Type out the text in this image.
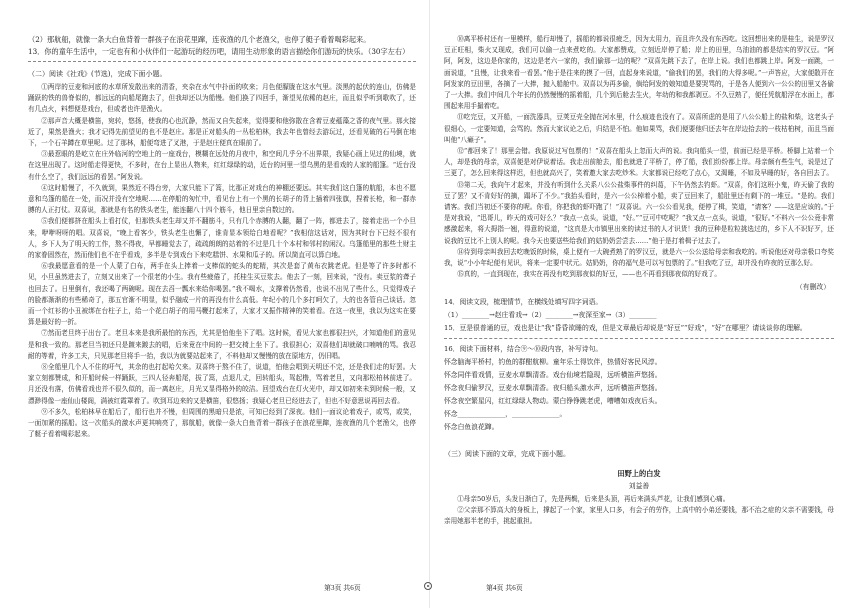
（2）那航船，就像一条大白鱼背着一群孩子在浪花里蹿，连夜渔的几个老渔父，也停了艇子看着喝彩起来。

13．你的童年生活中，一定也有和小伙伴们一起游玩的经历吧，请用生动形象的语言描绘你们游玩的快乐。（30字左右）

（二）阅读《社戏》(节选)，完成下面小题。

①两岸的豆麦和河底的水草所发散出来的清香，夹杂在水气中扑面的吹来；月色便朦胧在这水气里。淡黑的起伏的连山，仿佛是踊跃的铁的兽脊似的，都远远的向船尾跑去了，但我却还以为船慢。他们换了四回手，渐望见依稀的赵庄，而且似乎听到歌吹了，还有几点火，料想便是戏台，但或者也许是渔火。

②那声音大概是横笛，宛转，悠扬，使我的心也沉静，然而又自失起来，觉得要和他弥散在含着豆麦蕴藻之香的夜气里。那火接近了，果然是渔火；我才记得先前望见的也不是赵庄。那是正对船头的一丛松柏林，我去年也曾经去游玩过，还看见破的石马倒在地下，一个石羊蹲在草里呢。过了那林，船便弯进了叉港，于是赵庄便真在眼前了。

③最惹眼的是屹立在庄外临河的空地上的一座戏台，模糊在远处的月夜中，和空间几乎分不出界限，我疑心画上见过的仙境，就在这里出现了。这时船走得更快，不多时，在台上显出人物来，红红绿绿的动，近台的河里一望乌黑的是看戏的人家的船篷。“近台没有什么空了，我们远远的看罢。”阿发说。

④这时船慢了，不久就到，果然近不得台旁，大家只能下了篙，比那正对戏台的神棚还要远。其实我们这白篷的航船，本也不愿意和乌篷的船在一处，而况并没有空地呢……在停船的匆忙中，看见台上有一个黑的长胡子的背上插着四张旗，捏着长枪，和一群赤膊的人正打仗。双喜说，那就是有名的铁头老生，能连翻八十四个筋斗，他日里亲自数过的。

⑤我们便都挤在船头上看打仗，但那铁头老生却又并不翻筋斗，只有几个赤膊的人翻，翻了一阵，都进去了，接着走出一个小旦来，咿咿呀呀的唱。双喜说，“晚上看客少，铁头老生也懈了，谁肯显本领给白地看呢？”我相信这话对，因为其时台下已经不很有人，乡下人为了明天的工作，熬不得夜，早都睡觉去了，疏疏朗朗的站着的不过是几十个本村和邻村的闲汉。乌篷船里的那些土财主的家眷固然在，然而他们也不在乎看戏，多半是专到戏台下来吃糕饼、水果和瓜子的。所以简直可以算白地。

⑥我最愿意看的是一个人蒙了白布，两手在头上捧着一支棒似的蛇头的蛇精，其次是套了黄布衣跳老虎。但是等了许多时都不见，小旦虽然进去了，立刻又出来了一个很老的小生。我有些疲倦了，托桂生买豆浆去。他去了一刻，回来说，“没有。卖豆浆的聋子也回去了。日里倒有，我还喝了两碗呢。现在去舀一瓢水来给你喝罢。”我不喝水，支撑着仍然看，也说不出见了些什么，只觉得戏子的脸都渐渐的有些稀奇了，那五官渐不明显，似乎融成一片的再没有什么高低。年纪小的几个多打呵欠了，大的也各管自己谈话。忽而一个红衫的小丑被绑在台柱子上，给一个花白胡子的用马鞭打起来了，大家才又振作精神的笑着看。在这一夜里，我以为这实在要算是最好的一折。

⑦然而老旦终于出台了。老旦本来是我所最怕的东西，尤其是怕他坐下了唱。这时候，看见大家也都很扫兴，才知道他们的意见是和我一致的。那老旦当初还只是踱来踱去的唱，后来竟在中间的一把交椅上坐下了。我很担心；双喜他们却就破口喃喃的骂。我忍耐的等着，许多工夫，只见那老旦将手一抬，我以为就要站起来了，不料他却又慢慢的放在原地方，仍旧唱。

⑧全船里几个人不住的吁气，其余的也打起哈欠来。双喜终于熬不住了，说道，怕他会唱到天明还不完，还是我们走的好罢。大家立刻都赞成，和开船时候一样踊跃，三四人径奔船尾，拔了篙，点退几丈，回转船头，驾起橹，骂着老旦，又向那松柏林前进了。月还没有落，仿佛看戏也并不很久似的，而一离赵庄，月光又显得格外的皎洁。回望戏台在灯火光中，却又如初来未到时候一般，又漂渺得像一座仙山楼阁，满被红霞罩着了。吹到耳边来的又是横笛，很悠扬；我疑心老旦已经进去了，但也不好意思说再回去看。

⑨不多久，松柏林早在船后了，船行也并不慢，但周围的黑暗只是浓，可知已经到了深夜。他们一面议论着戏子，或骂，或笑，一面加紧的摇船。这一次船头的激水声更其响亮了，那航船，就像一条大白鱼背着一群孩子在浪花里蹿，连夜渔的几个老渔父，也停了艇子看着喝彩起来。

⑩离平桥村还有一里模样，船行却慢了，摇船的都说很疲乏，因为太用力，而且许久没有东西吃。这回想出来的是桂生，说是罗汉豆正旺相，柴火又现成，我们可以偷一点来煮吃的。大家都赞成，立刻近岸停了船；岸上的田里，乌油油的都是结实的罗汉豆。“阿阿，阿发，这边是你家的，这边是老六一家的，我们偷那一边的呢？”双喜先跳下去了，在岸上说。我们也都跳上岸。阿发一面跳，一面说道，“且慢，让我来看一看罢。”他于是往来的摸了一回，直起身来说道，“偷我们的罢，我们的大得多呢。”一声答应，大家便散开在阿发家的豆田里，各摘了一大捧，抛入船舱中。双喜以为再多偷，倘给阿发的娘知道是要哭骂的，于是各人便到六一公公的田里又各偷了一大捧。我们中间几个年长的仍然慢慢的摇着船，几个到后舱去生火，年幼的和我都剥豆。不久豆熟了，便任凭航船浮在水面上，都围起来用手撮着吃。

⑪吃完豆，又开船，一面洗器具，豆荚豆壳全抛在河水里，什么痕迹也没有了。双喜所虑的是用了八公公船上的盐和柴，这老头子很细心，一定要知道，会骂的。然而大家议论之后，归结是不怕。他如果骂，我们便要他归还去年在岸边拾去的一枝枯桕树，而且当面叫他“八癞子”。

⑫“都回来了！那里会错。我原说过写包票的！”双喜在船头上忽而大声的说。我向船头一望，前面已经是平桥。桥脚上站着一个人，却是我的母亲，双喜便是对伊说着话。我走出前舱去，船也就进了平桥了，停了船，我们纷纷都上岸。母亲颇有些生气，说是过了三更了，怎么回来得这样迟，但也就高兴了，笑着邀大家去吃炒米。大家都说已经吃了点心，又渴睡，不如及早睡的好，各自回去了。

⑬第二天，我向午才起来，并没有听到什么关系八公公盐柴事件的纠葛，下午仍然去钓虾。“双喜，你们这班小鬼，昨天偷了我的豆了罢？又不肯好好的摘，蹋坏了不少。”我抬头看时，是六一公公棹着小船，卖了豆回来了，船肚里还有剩下的一堆豆。“是的。我们请客。我们当初还不要你的呢。你看，你把我的虾吓跑了！”双喜说。六一公公看见我，便停了楫，笑道，“请客？——这是应该的。”于是对我说，“迅哥儿，昨天的戏可好么？”我点一点头，说道，“好。”“豆可中吃呢？”我又点一点头，说道，“很好。”不料六一公公竟非常感激起来，将大拇指一翘，得意的说道，“这真是大市镇里出来的读过书的人才识货！我的豆种是粒粒挑选过的，乡下人不识好歹，还说我的豆比不上别人的呢。我今天也要送些给我们的姑奶奶尝尝去……”他于是打着楫子过去了。

⑭待到母亲叫我回去吃晚饭的时候，桌上便有一大碗煮熟了的罗汉豆，就是六一公公送给母亲和我吃的。听说他还对母亲极口夸奖我，说“小小年纪便有见识，将来一定要中状元。姑奶奶，你的福气是可以写包票的了。”但我吃了豆，却并没有昨夜的豆那么好。

⑮真的，一直到现在，我实在再没有吃到那夜似的好豆，——也不再看到那夜似的好戏了。

（有删改）

14．阅读文段，梳理情节，在横线处填写四字词语。

（1）________→赵庄看戏→（2）________→夜深至家→（3）________

15．豆是很普通的豆，戏也是让“我”昏昏欲睡的戏，但是文章最后却说是“好豆”“好戏”，“好”在哪里？请谈谈你的理解。

16．阅读下面材料，结合⑨～⑩段内容，补写诗句。

怀念脑海平桥村，钓鱼的群酣航柳。童年乐土得饮伴，热情好客民风淳。

怀念同伴看戏情，豆麦水草飘清香。戏台仙境若隐现，远听横笛声悠扬。

怀念夜归偷罗汉，豆麦水草飘清香。夜归船头激水声，远听横笛声悠扬。

怀念夜空繁星闪，红红绿绿人物动。蒙白铮铮跳老虎，嘈嘈如戏夜后头。

怀念______________，______________。

怀念白鱼浪花蹿。

（三）阅读下面的文章，完成下面小题。

田野上的白发

刘益善

①母亲50岁后，头发日渐白了，先是两鬓，后来是头顶，再后来满头芦花，让我们感到心痛。

②父亲那不算高大的身板上，撑起了一个家，家里人口多，有会子的劳作，上高中的小弟还要钱，那不治之症的父亲不需要钱，母亲用她那半老的手，挑起重担。

第3页 共6页	第4页 共6页
